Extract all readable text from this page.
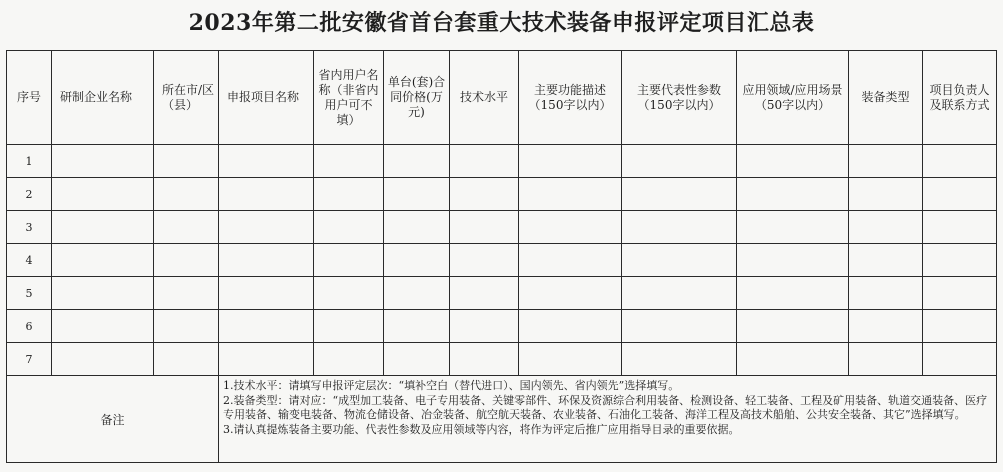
2023年第二批安徽省首台套重大技术装备申报评定项目汇总表
序号	研制企业名称	所在市/区（县）	申报项目名称	省内用户名称（非省内用户可不填）	单台(套)合同价格(万元)	技术水平	主要功能描述（150字以内）	主要代表性参数（150字以内）	应用领域/应用场景（50字以内）	装备类型	项目负责人及联系方式
1											
2											
3											
4											
5											
6											
7											
备注			1.技术水平：请填写申报评定层次：“填补空白（替代进口）、国内领先、省内领先”选择填写。
2.装备类型：请对应：“成型加工装备、电子专用装备、关键零部件、环保及资源综合利用装备、检测设备、轻工装备、工程及矿用装备、轨道交通装备、医疗专用装备、输变电装备、物流仓储设备、冶金装备、航空航天装备、农业装备、石油化工装备、海洋工程及高技术船舶、公共安全装备、其它”选择填写。
3.请认真提炼装备主要功能、代表性参数及应用领域等内容，将作为评定后推广应用指导目录的重要依据。								
